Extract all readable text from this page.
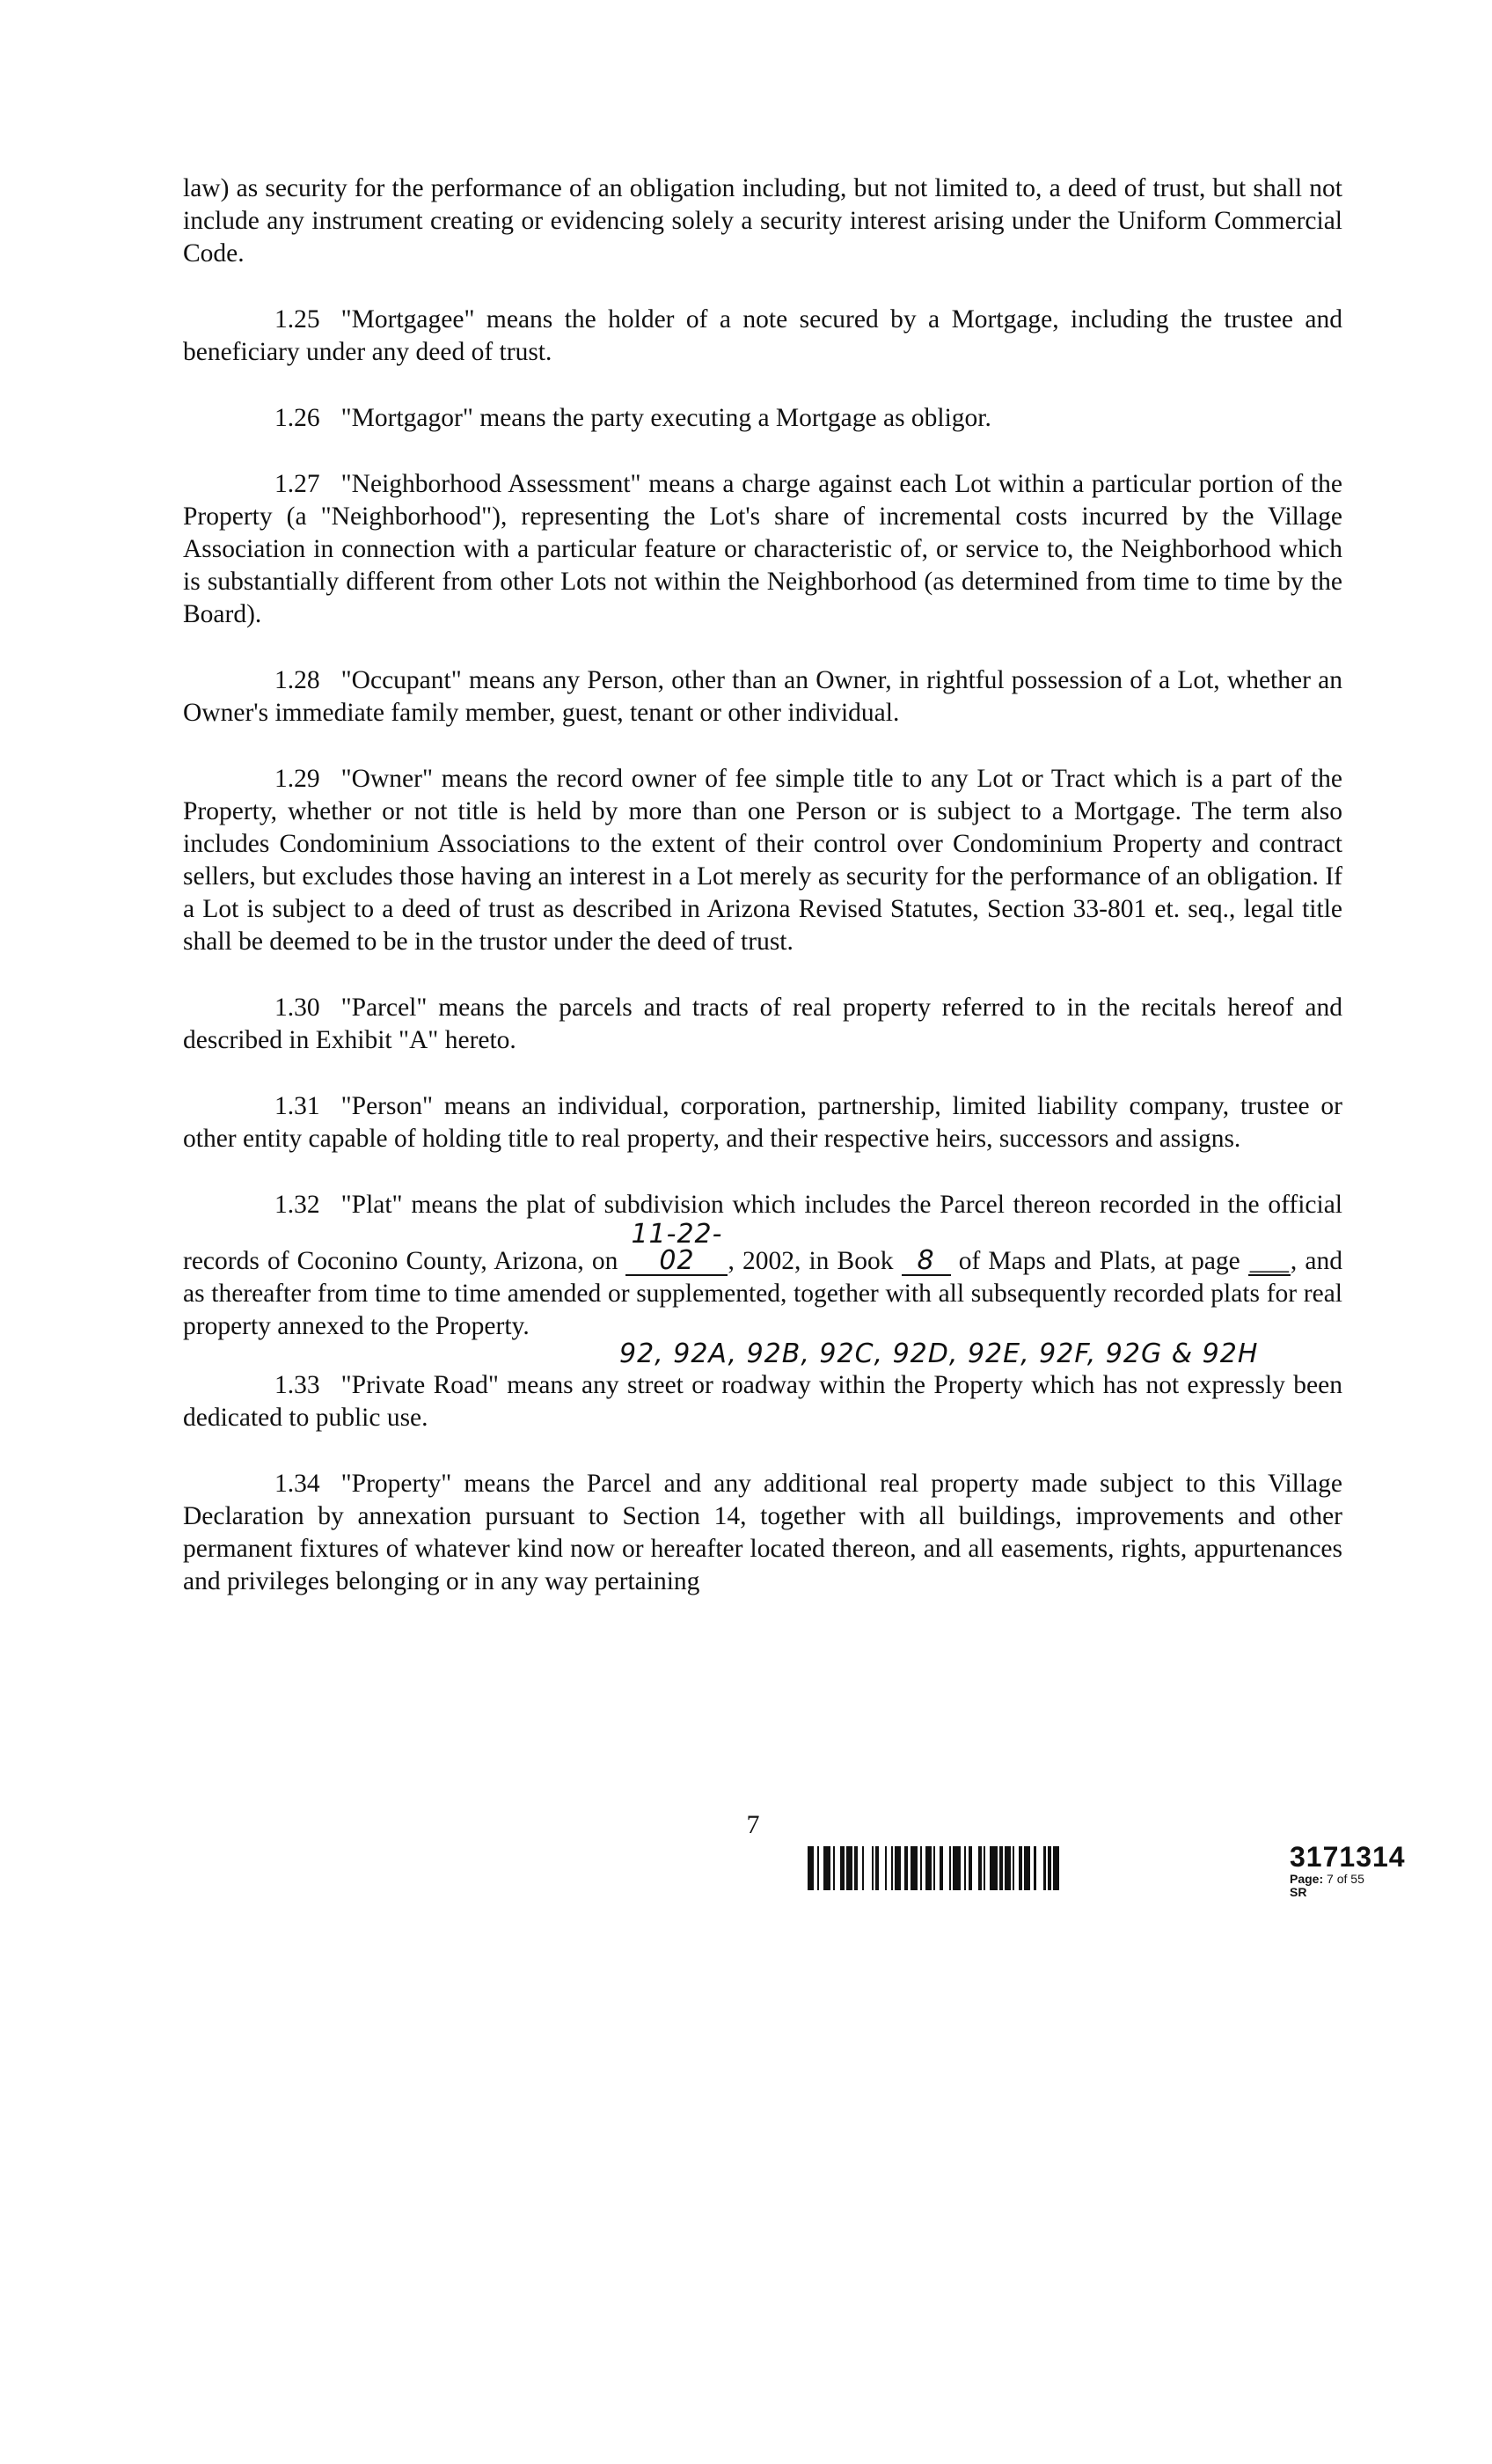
law) as security for the performance of an obligation including, but not limited to, a deed of trust, but shall not include any instrument creating or evidencing solely a security interest arising under the Uniform Commercial Code.

1.25 "Mortgagee" means the holder of a note secured by a Mortgage, including the trustee and beneficiary under any deed of trust.

1.26 "Mortgagor" means the party executing a Mortgage as obligor.

1.27 "Neighborhood Assessment" means a charge against each Lot within a particular portion of the Property (a "Neighborhood"), representing the Lot's share of incremental costs incurred by the Village Association in connection with a particular feature or characteristic of, or service to, the Neighborhood which is substantially different from other Lots not within the Neighborhood (as determined from time to time by the Board).

1.28 "Occupant" means any Person, other than an Owner, in rightful possession of a Lot, whether an Owner's immediate family member, guest, tenant or other individual.

1.29 "Owner" means the record owner of fee simple title to any Lot or Tract which is a part of the Property, whether or not title is held by more than one Person or is subject to a Mortgage. The term also includes Condominium Associations to the extent of their control over Condominium Property and contract sellers, but excludes those having an interest in a Lot merely as security for the performance of an obligation. If a Lot is subject to a deed of trust as described in Arizona Revised Statutes, Section 33-801 et. seq., legal title shall be deemed to be in the trustor under the deed of trust.

1.30 "Parcel" means the parcels and tracts of real property referred to in the recitals hereof and described in Exhibit "A" hereto.

1.31 "Person" means an individual, corporation, partnership, limited liability company, trustee or other entity capable of holding title to real property, and their respective heirs, successors and assigns.

1.32 "Plat" means the plat of subdivision which includes the Parcel thereon recorded in the official records of Coconino County, Arizona, on 11-22-02 , 2002, in Book 8 of Maps and Plats, at page ___, and as thereafter from time to time amended or supplemented, together with all subsequently recorded plats for real property annexed to the Property.

92, 92A, 92B, 92C, 92D, 92E, 92F, 92G & 92H

1.33 "Private Road" means any street or roadway within the Property which has not expressly been dedicated to public use.

1.34 "Property" means the Parcel and any additional real property made subject to this Village Declaration by annexation pursuant to Section 14, together with all buildings, improvements and other permanent fixtures of whatever kind now or hereafter located thereon, and all easements, rights, appurtenances and privileges belonging or in any way pertaining

7
3171314
Page: 7 of 55
SR
